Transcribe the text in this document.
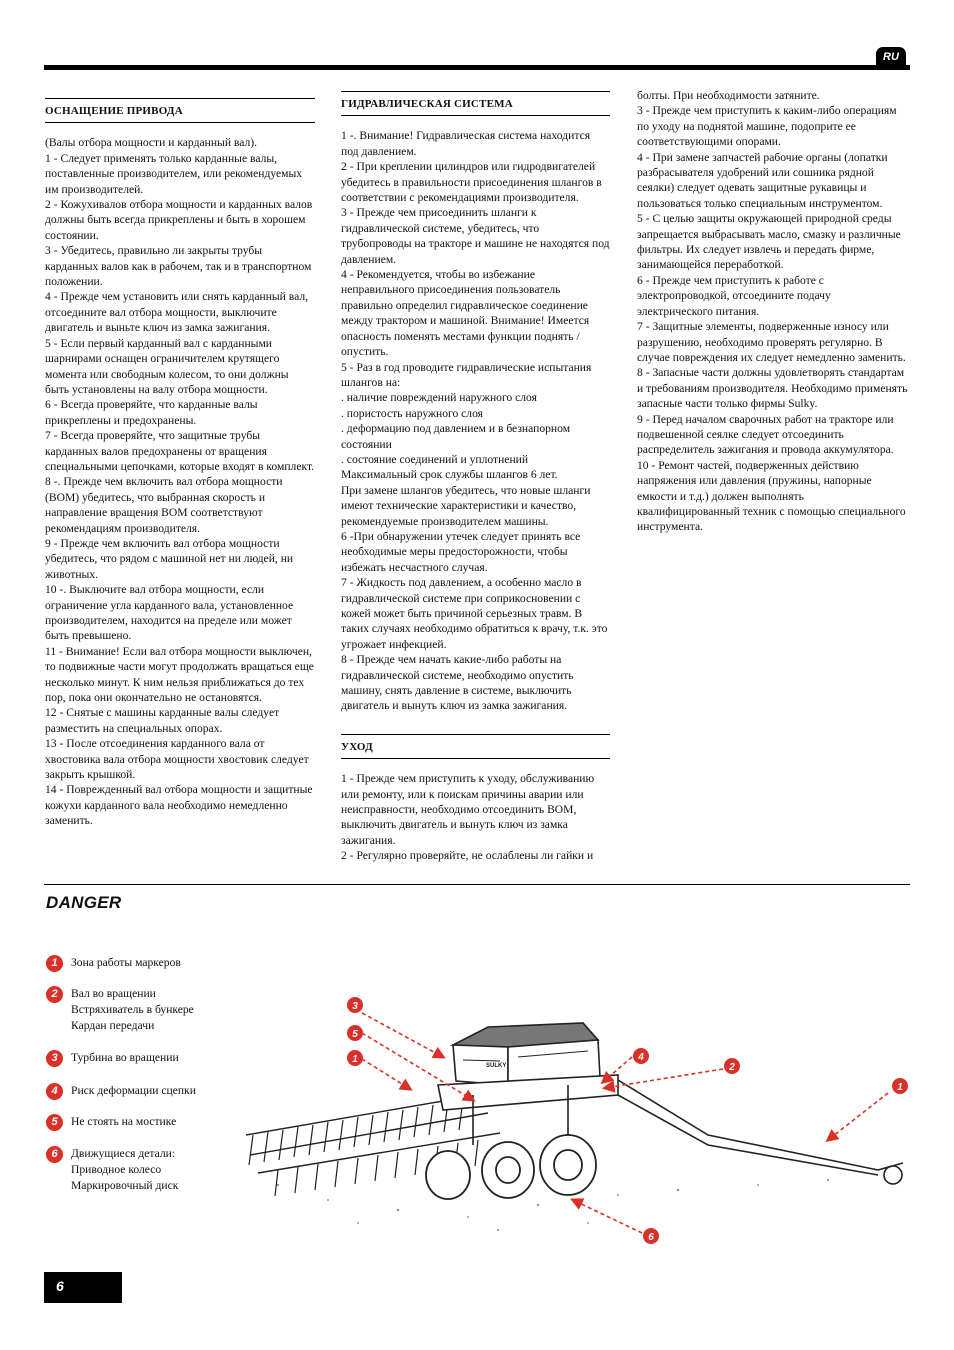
RU
ОСНАЩЕНИЕ ПРИВОДА

(Валы отбора мощности и карданный вал).

1 - Следует применять только карданные валы, поставленные производителем, или рекомендуемых им производителей.

2 - Кожухивалов отбора мощности и карданных валов должны быть всегда прикреплены и быть в хорошем состоянии.

3 - Убедитесь, правильно ли закрыты трубы карданных валов как в рабочем, так и в транспортном положении.

4 - Прежде чем установить или снять карданный вал, отсоедините вал отбора мощности, выключите двигатель и выньте ключ из замка зажигания.

5 - Если первый карданный вал с карданными шарнирами оснащен ограничителем крутящего момента или свободным колесом, то они должны быть установлены на валу отбора мощности.

6 - Всегда проверяйте, что карданные валы прикреплены и предохранены.

7 - Всегда проверяйте, что защитные трубы карданных валов предохранены от вращения специальными цепочками, которые входят в комплект.

8 -. Прежде чем включить вал отбора мощности (BOM) убедитесь, что выбранная скорость и направление вращения BOM соответствуют рекомендациям производителя.

9 - Прежде чем включить вал отбора мощности убедитесь, что рядом с машиной нет ни людей, ни животных.

10 -. Выключите вал отбора мощности, если ограничение угла карданного вала, установленное производителем, находится на пределе или может быть превышено.

11 - Внимание! Если вал отбора мощности выключен, то подвижные части могут продолжать вращаться еще несколько минут. К ним нельзя приближаться до тех пор, пока они окончательно не остановятся.

12 - Снятые с машины карданные валы следует разместить на специальных опорах.

13 - После отсоединения карданного вала от хвостовика вала отбора мощности хвостовик следует закрыть крышкой.

14 - Поврежденный вал отбора мощности и защитные кожухи карданного вала необходимо немедленно заменить.

ГИДРАВЛИЧЕСКАЯ СИСТЕМА

1 -. Внимание! Гидравлическая система находится под давлением.

2 - При креплении цилиндров или гидродвигателей убедитесь в правильности присоединения шлангов в соответствии с рекомендациями производителя.

3 - Прежде чем присоединить шланги к гидравлической системе, убедитесь, что трубопроводы на тракторе и машине не находятся под давлением.

4 - Рекомендуется, чтобы во избежание неправильного присоединения пользователь правильно определил гидравлическое соединение между трактором и машиной. Внимание! Имеется опасность поменять местами функции поднять / опустить.

5 - Раз в год проводите гидравлические испытания шлангов на:

. наличие повреждений наружного слоя

. пористость наружного слоя

. деформацию под давлением и в безнапорном состоянии

. состояние соединений и уплотнений

Максимальный срок службы шлангов 6 лет.

При замене шлангов убедитесь, что новые шланги имеют технические характеристики и качество, рекомендуемые производителем машины.

6 -При обнаружении утечек следует принять все необходимые меры предосторожности, чтобы избежать несчастного случая.

7 - Жидкость под давлением, а особенно масло в гидравлической системе при соприкосновении с кожей может быть причиной серьезных травм. В таких случаях необходимо обратиться к врачу, т.к. это угрожает инфекцией.

8 - Прежде чем начать какие-либо работы на гидравлической системе, необходимо опустить машину, снять давление в системе, выключить двигатель и вынуть ключ из замка зажигания.

УХОД

1 - Прежде чем приступить к уходу, обслуживанию или ремонту, или к поискам причины аварии или неисправности, необходимо отсоединить BOM, выключить двигатель и вынуть ключ из замка зажигания.

2 - Регулярно проверяйте, не ослаблены ли гайки и

болты. При необходимости затяните.

3 - Прежде чем приступить к каким-либо операциям по уходу на поднятой машине, подоприте ее соответствующими опорами.

4 - При замене запчастей рабочие органы (лопатки разбрасывателя удобрений или сошника рядной сеялки) следует одевать защитные рукавицы и пользоваться только специальным инструментом.

5 - С целью защиты окружающей природной среды запрещается выбрасывать масло, смазку и различные фильтры. Их следует извлечь и передать фирме, занимающейся переработкой.

6 - Прежде чем приступить к работе с электропроводкой, отсоедините подачу электрического питания.

7 - Защитные элементы, подверженные износу или разрушению, необходимо проверять регулярно. В случае повреждения их следует немедленно заменить.

8 - Запасные части должны удовлетворять стандартам и требованиям производителя. Необходимо применять запасные части только фирмы Sulky.

9 - Перед началом сварочных работ на тракторе или подвешенной сеялке следует отсоединить распределитель зажигания и провода аккумулятора.

10 - Ремонт частей, подверженных действию напряжения или давления (пружины, напорные емкости и т.д.) должен выполнять квалифицированный техник с помощью специального инструмента.

DANGER
1	Зона работы маркеров
2	Вал во вращении
Встряхиватель в бункере
Кардан передачи
3	Турбина во вращении
4	Риск деформации сцепки
5	Не стоять на мостике
6	Движущиеся детали:
Приводное колесо
Маркировочный диск
SULKY
3
5
1	4
2
1
6
6
